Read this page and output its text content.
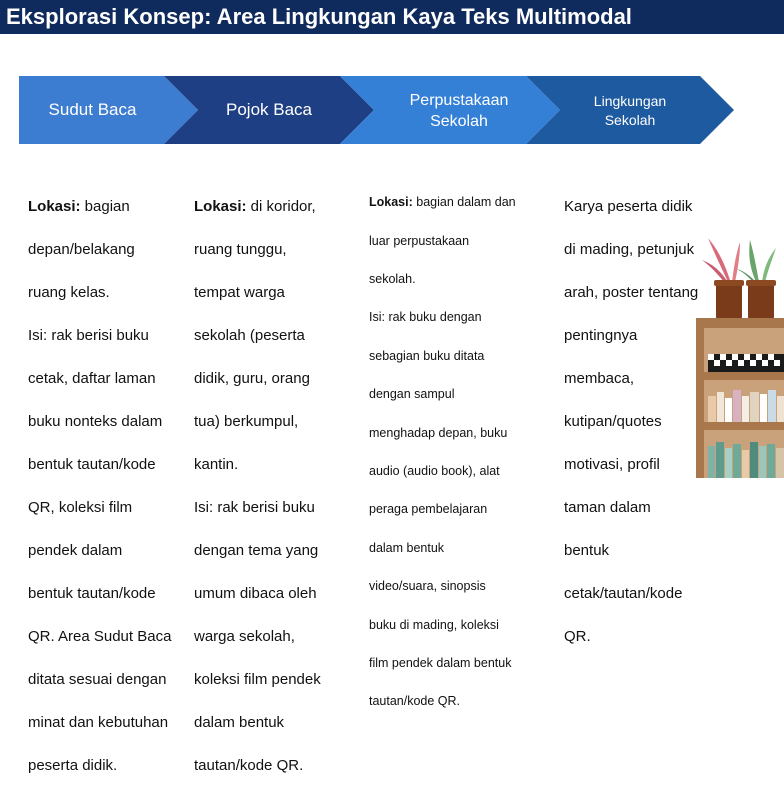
Eksplorasi Konsep: Area Lingkungan Kaya Teks Multimodal
Sudut Baca	Pojok Baca	Perpustakaan
Sekolah
Lingkungan
Sekolah

Lokasi: bagian

depan/belakang

ruang kelas.

Isi: rak berisi buku

cetak, daftar laman

buku nonteks dalam

bentuk tautan/kode

QR, koleksi film

pendek dalam

bentuk tautan/kode

QR. Area Sudut Baca

ditata sesuai dengan

minat dan kebutuhan

peserta didik.

Lokasi: di koridor,

ruang tunggu,

tempat warga

sekolah (peserta

didik, guru, orang

tua) berkumpul,

kantin.

Isi: rak berisi buku

dengan tema yang

umum dibaca oleh

warga sekolah,

koleksi film pendek

dalam bentuk

tautan/kode QR.

Lokasi: bagian dalam dan

luar perpustakaan

sekolah.

Isi: rak buku dengan

sebagian buku ditata

dengan sampul

menghadap depan, buku

audio (audio book), alat

peraga pembelajaran

dalam bentuk

video/suara, sinopsis

buku di mading, koleksi

film pendek dalam bentuk

tautan/kode QR.

Karya peserta didik

di mading, petunjuk

arah, poster tentang

pentingnya

membaca,

kutipan/quotes

motivasi, profil

taman dalam

bentuk

cetak/tautan/kode

QR.
